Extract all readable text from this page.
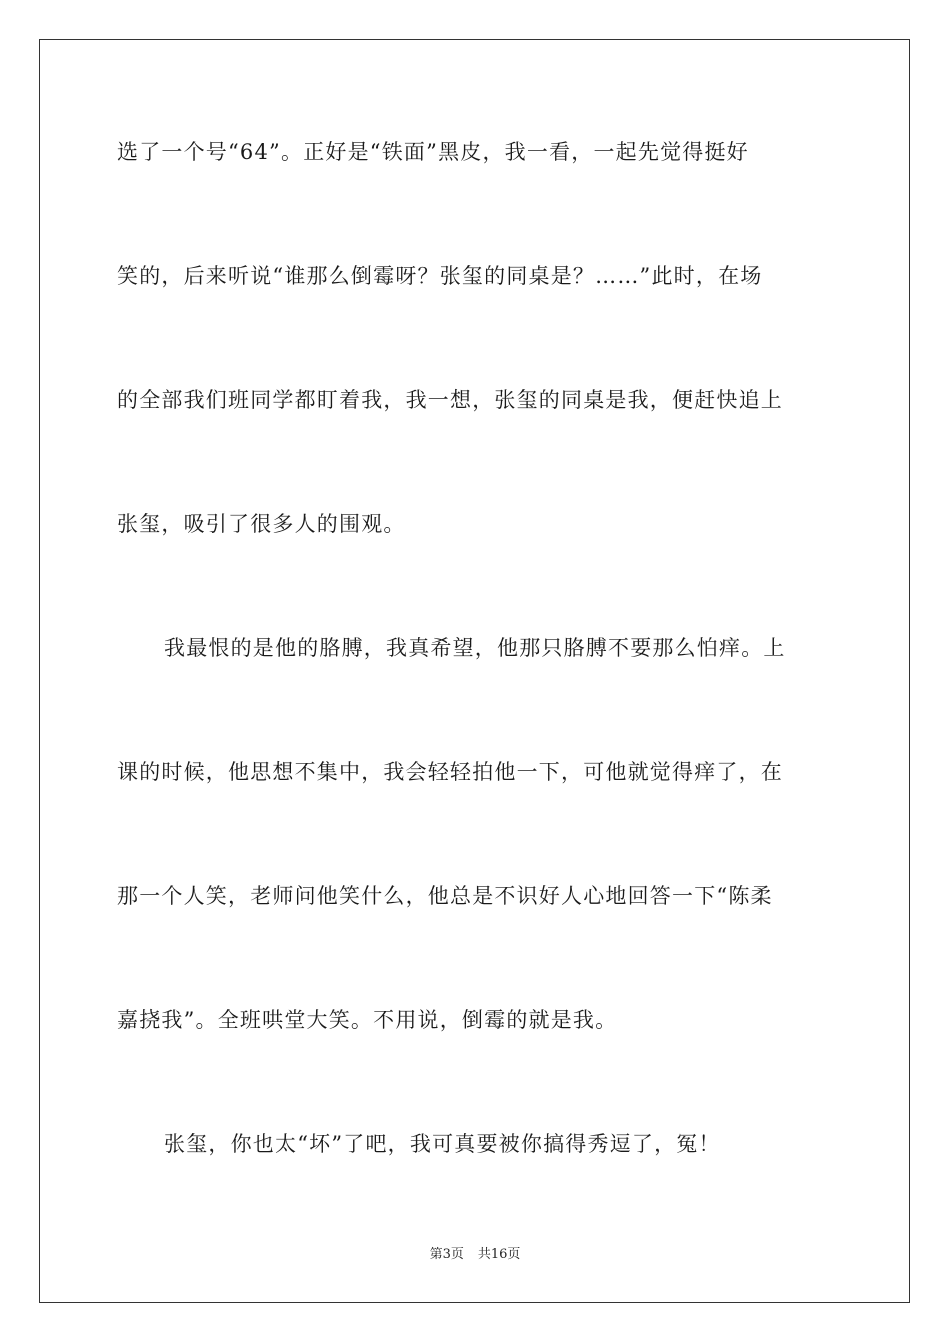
选了一个号“64”。正好是“铁面”黑皮，我一看，一起先觉得挺好
笑的，后来听说“谁那么倒霉呀？张玺的同桌是？……”此时，在场
的全部我们班同学都盯着我，我一想，张玺的同桌是我，便赶快追上
张玺，吸引了很多人的围观。
我最恨的是他的胳膊，我真希望，他那只胳膊不要那么怕痒。上
课的时候，他思想不集中，我会轻轻拍他一下，可他就觉得痒了，在
那一个人笑，老师问他笑什么，他总是不识好人心地回答一下“陈柔
嘉挠我”。全班哄堂大笑。不用说，倒霉的就是我。
张玺，你也太“坏”了吧，我可真要被你搞得秀逗了，冤！
第3页 共16页
